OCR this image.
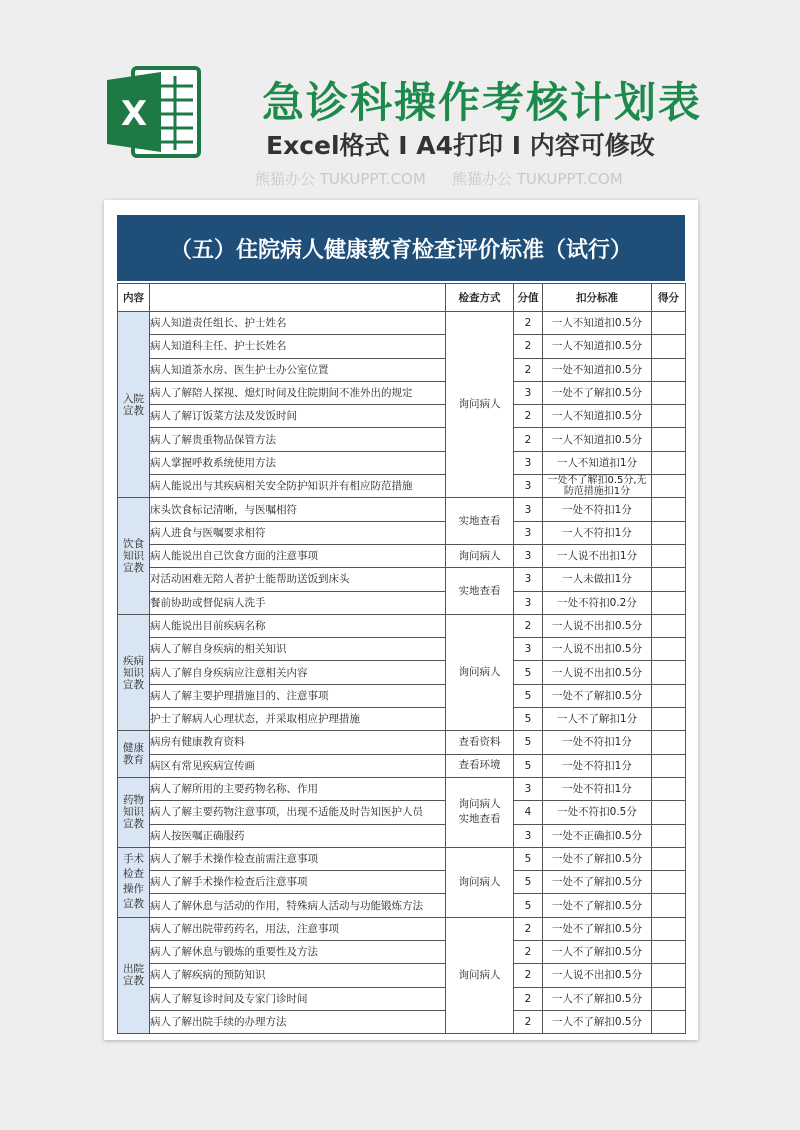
X	急诊科操作考核计划表
Excel格式 I A4打印 I 内容可修改
熊猫办公 TUKUPPT.COM 熊猫办公 TUKUPPT.COM
（五）住院病人健康教育检查评价标准（试行）
内容		检查方式	分值	扣分标准	得分
入院宣教	病人知道责任组长、护士姓名	询问病人	2	一人不知道扣0.5分	
	病人知道科主任、护士长姓名		2	一人不知道扣0.5分	
	病人知道茶水房、医生护士办公室位置		2	一处不知道扣0.5分	
	病人了解陪人探视、熄灯时间及住院期间不准外出的规定		3	一处不了解扣0.5分	
	病人了解订饭菜方法及发饭时间		2	一人不知道扣0.5分	
	病人了解贵重物品保管方法		2	一人不知道扣0.5分	
	病人掌握呼救系统使用方法		3	一人不知道扣1分	
	病人能说出与其疾病相关安全防护知识并有相应防范措施		3	一处不了解扣0.5分,无防范措施扣1分	
饮食知识宣教	床头饮食标记清晰，与医嘱相符	实地查看	3	一处不符扣1分	
	病人进食与医嘱要求相符		3	一人不符扣1分	
	病人能说出自己饮食方面的注意事项	询问病人	3	一人说不出扣1分	
	对活动困难无陪人者护士能帮助送饭到床头	实地查看	3	一人未做扣1分	
	餐前协助或督促病人洗手		3	一处不符扣0.2分	
疾病知识宣教	病人能说出目前疾病名称	询问病人	2	一人说不出扣0.5分	
	病人了解自身疾病的相关知识		3	一人说不出扣0.5分	
	病人了解自身疾病应注意相关内容		5	一人说不出扣0.5分	
	病人了解主要护理措施目的、注意事项		5	一处不了解扣0.5分	
	护士了解病人心理状态，并采取相应护理措施		5	一人不了解扣1分	
健康教育	病房有健康教育资料	查看资料	5	一处不符扣1分	
	病区有常见疾病宣传画	查看环境	5	一处不符扣1分	
药物知识宣教	病人了解所用的主要药物名称、作用	询问病人实地查看	3	一处不符扣1分	
	病人了解主要药物注意事项，出现不适能及时告知医护人员		4	一处不符扣0.5分	
	病人按医嘱正确服药		3	一处不正确扣0.5分	
手术检查操作宣教	病人了解手术操作检查前需注意事项	询问病人	5	一处不了解扣0.5分	
	病人了解手术操作检查后注意事项		5	一处不了解扣0.5分	
	病人了解休息与活动的作用，特殊病人活动与功能锻炼方法		5	一处不了解扣0.5分	
出院宣教	病人了解出院带药药名，用法，注意事项	询问病人	2	一处不了解扣0.5分	
	病人了解休息与锻炼的重要性及方法		2	一人不了解扣0.5分	
	病人了解疾病的预防知识		2	一人说不出扣0.5分	
	病人了解复诊时间及专家门诊时间		2	一人不了解扣0.5分	
	病人了解出院手续的办理方法		2	一人不了解扣0.5分	
